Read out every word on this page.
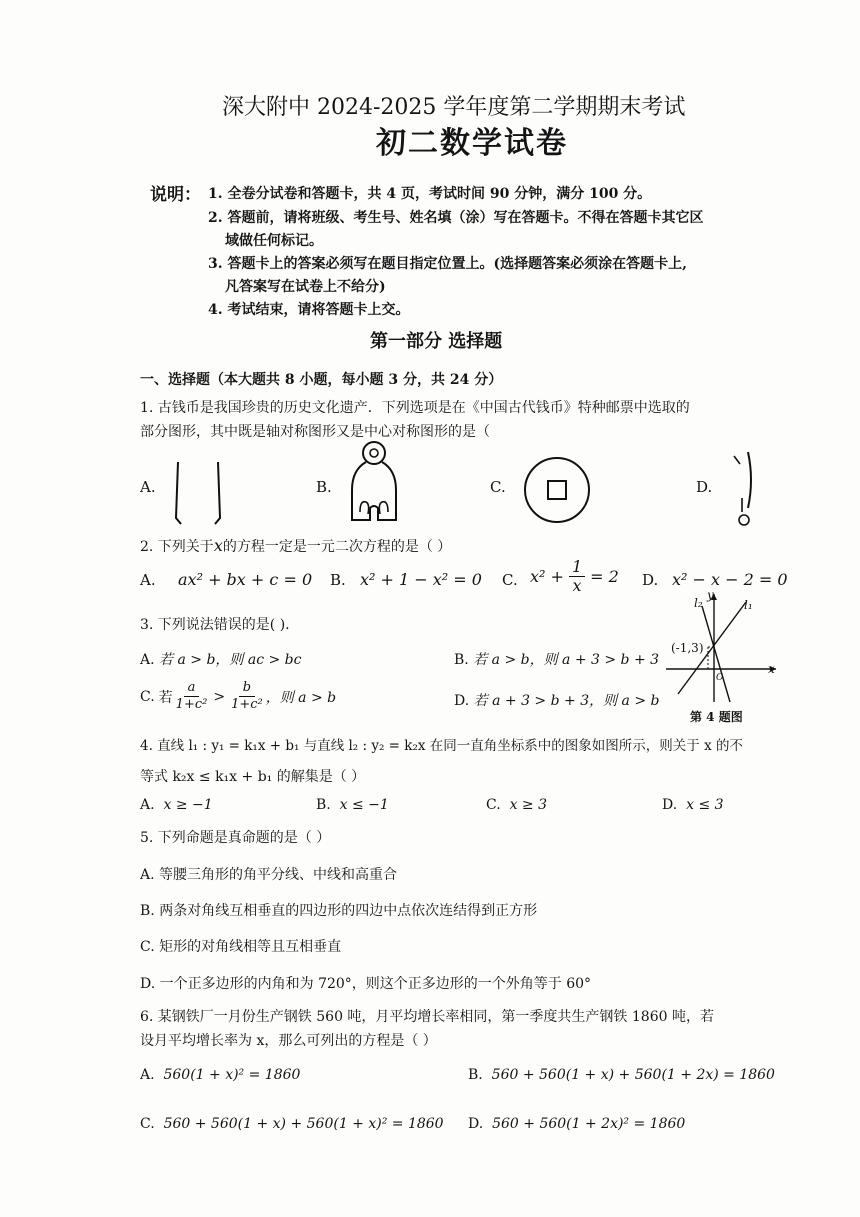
深大附中 2024-2025 学年度第二学期期末考试
初二数学试卷
说明： 1. 全卷分试卷和答题卡，共 4 页，考试时间 90 分钟，满分 100 分。
2. 答题前，请将班级、考生号、姓名填（涂）写在答题卡。不得在答题卡其它区
域做任何标记。
3. 答题卡上的答案必须写在题目指定位置上。(选择题答案必须涂在答题卡上,
凡答案写在试卷上不给分)
4. 考试结束，请将答题卡上交。
第一部分 选择题
一、选择题（本大题共 8 小题，每小题 3 分，共 24 分）
1. 古钱币是我国珍贵的历史文化遗产．下列选项是在《中国古代钱币》特种邮票中选取的
部分图形，其中既是轴对称图形又是中心对称图形的是（
A.	B.	C.	D.
2. 下列关于x的方程一定是一元二次方程的是（ ）
A. ax² + bx + c = 0 B. x² + 1 − x² = 0 C. $x^2 + \frac{1}{x} = 2$ D. x² − x − 2 = 0
3. 下列说法错误的是( ).
A. 若 a > b，则 ac > bc	B. 若 a > b，则 a + 3 > b + 3
C. 若
a
1+c² >
b
1+c² ，则 a > b	D. 若 a + 3 > b + 3，则 a > b
l₂
y
l₁
(-1,3)
x
O
第 4 题图
4. 直线 l₁ : y₁ = k₁x + b₁ 与直线 l₂ : y₂ = k₂x 在同一直角坐标系中的图象如图所示，则关于 x 的不
等式 k₂x ≤ k₁x + b₁ 的解集是（ ）
A. x ≥ −1	B. x ≤ −1	C. x ≥ 3	D. x ≤ 3
5. 下列命题是真命题的是（ ）
A. 等腰三角形的角平分线、中线和高重合
B. 两条对角线互相垂直的四边形的四边中点依次连结得到正方形
C. 矩形的对角线相等且互相垂直
D. 一个正多边形的内角和为 720°，则这个正多边形的一个外角等于 60°
6. 某钢铁厂一月份生产钢铁 560 吨，月平均增长率相同，第一季度共生产钢铁 1860 吨，若
设月平均增长率为 x，那么可列出的方程是（ ）
A. 560(1 + x)² = 1860	B. 560 + 560(1 + x) + 560(1 + 2x) = 1860
C. 560 + 560(1 + x) + 560(1 + x)² = 1860 D. 560 + 560(1 + 2x)² = 1860
